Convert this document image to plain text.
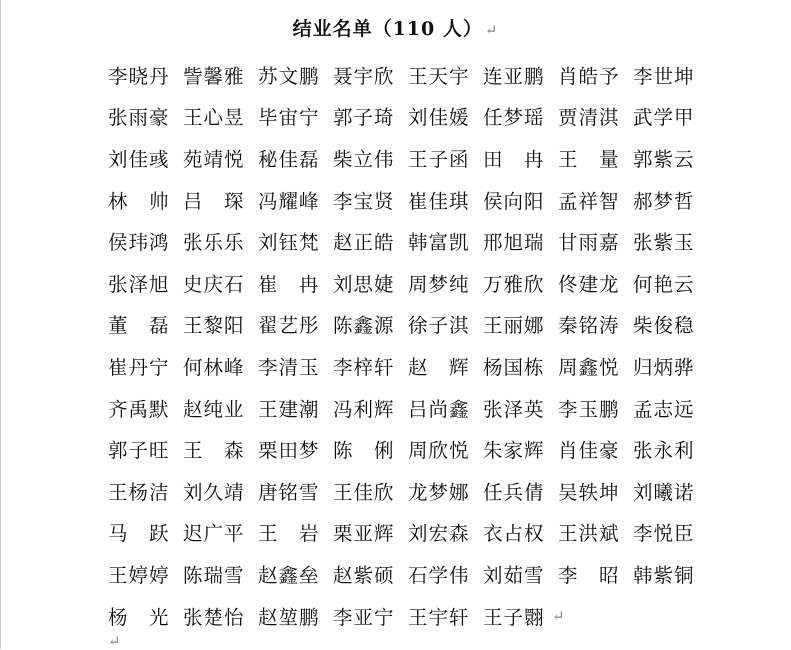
结业名单（110 人） ↵
李晓丹 訾馨雅 苏文鹏 聂宇欣 王天宇 连亚鹏 肖皓予 李世坤
张雨豪 王心昱 毕宙宁 郭子琦 刘佳媛 任梦瑶 贾清淇 武学甲
刘佳彧 苑靖悦 秘佳磊 柴立伟 王子函 田　冉 王　量 郭紫云
林　帅 吕　琛 冯耀峰 李宝贤 崔佳琪 侯向阳 孟祥智 郝梦哲
侯玮鸿 张乐乐 刘钰梵 赵正皓 韩富凯 邢旭瑞 甘雨嘉 张紫玉
张泽旭 史庆石 崔　冉 刘思婕 周梦纯 万雅欣 佟建龙 何艳云
董　磊 王黎阳 翟艺彤 陈鑫源 徐子淇 王丽娜 秦铭涛 柴俊稳
崔丹宁 何林峰 李清玉 李梓轩 赵　辉 杨国栋 周鑫悦 归炳骅
齐禹默 赵纯业 王建潮 冯利辉 吕尚鑫 张泽英 李玉鹏 孟志远
郭子旺 王　森 栗田梦 陈　俐 周欣悦 朱家辉 肖佳豪 张永利
王杨洁 刘久靖 唐铭雪 王佳欣 龙梦娜 任兵倩 吴轶坤 刘曦诺
马　跃 迟广平 王　岩 栗亚辉 刘宏森 衣占权 王洪斌 李悦臣
王婷婷 陈瑞雪 赵鑫垒 赵紫硕 石学伟 刘茹雪 李　昭 韩紫铜
杨　光 张楚怡 赵堃鹏 李亚宁 王宇轩 王子翾 ↵
↵
